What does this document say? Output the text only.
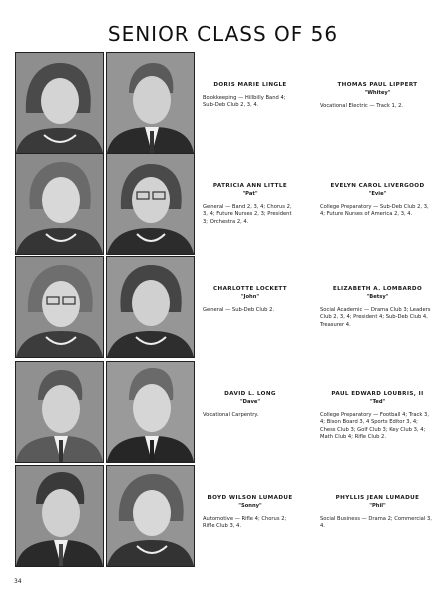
SENIOR CLASS OF 56
DORIS MARIE LINGLE
Bookkeeping — Hillbilly Band 4; Sub-Deb Club 2, 3, 4.
THOMAS PAUL LIPPERT
"Whitey"
Vocational Electric — Track 1, 2.
PATRICIA ANN LITTLE
"Pat"
General — Band 2, 3, 4; Chorus 2, 3, 4; Future Nurses 2, 3; President 3; Orchestra 2, 4.
EVELYN CAROL LIVERGOOD
"Evie"
College Preparatory — Sub-Deb Club 2, 3, 4; Future Nurses of America 2, 3, 4.
CHARLOTTE LOCKETT
"John"
General — Sub-Deb Club 2.
ELIZABETH A. LOMBARDO
"Betsy"
Social Academic — Drama Club 3; Leaders Club 2, 3, 4; President 4; Sub-Deb Club 4, Treasurer 4.
DAVID L. LONG
"Dave"
Vocational Carpentry.
PAUL EDWARD LOUBRIS, II
"Ted"
College Preparatory — Football 4; Track 3, 4; Bison Board 3, 4 Sports Editor 3, 4; Chess Club 3; Golf Club 3; Key Club 3, 4; Math Club 4; Rifle Club 2.
BOYD WILSON LUMADUE
"Sonny"
Automotive — Rifle 4; Chorus 2; Rifle Club 3, 4.
PHYLLIS JEAN LUMADUE
"Phil"
Social Business — Drama 2; Commercial 3, 4.
34
